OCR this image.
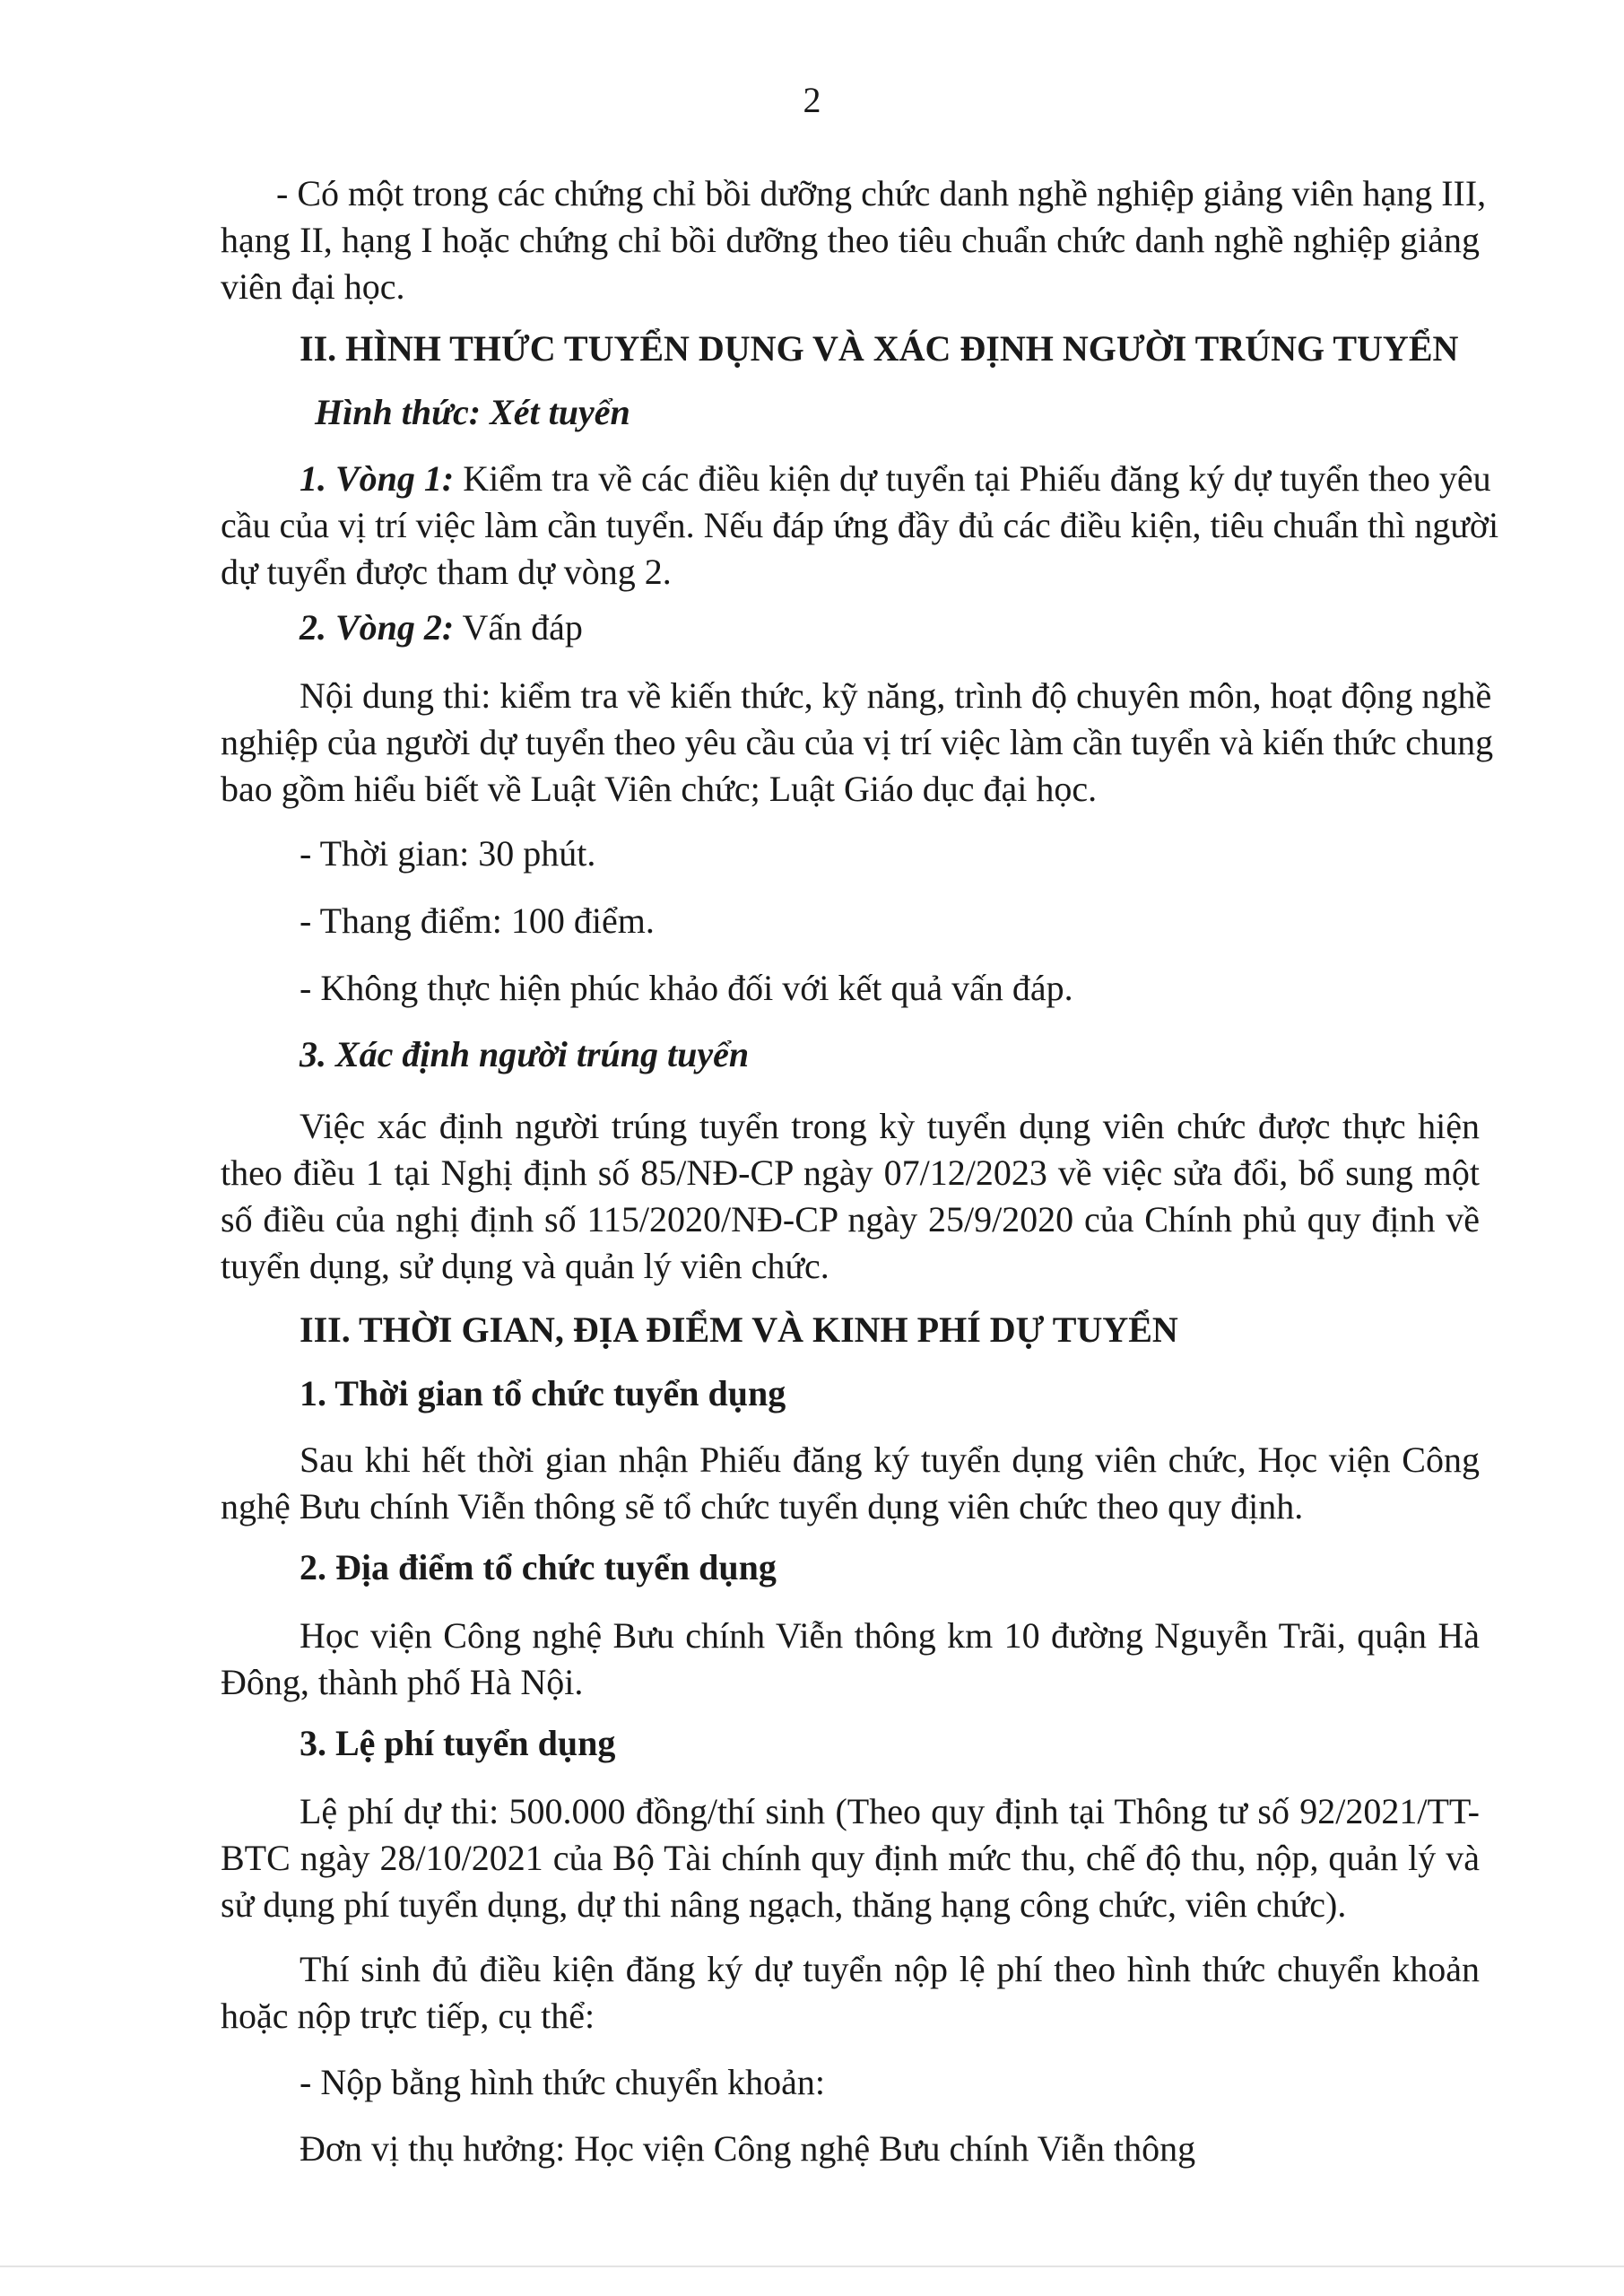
2

- Có một trong các chứng chỉ bồi dưỡng chức danh nghề nghiệp giảng viên hạng III,

hạng II, hạng I hoặc chứng chỉ bồi dưỡng theo tiêu chuẩn chức danh nghề nghiệp giảng

viên đại học.

II. HÌNH THỨC TUYỂN DỤNG VÀ XÁC ĐỊNH NGƯỜI TRÚNG TUYỂN

Hình thức: Xét tuyển

1. Vòng 1: Kiểm tra về các điều kiện dự tuyển tại Phiếu đăng ký dự tuyển theo yêu

cầu của vị trí việc làm cần tuyển. Nếu đáp ứng đầy đủ các điều kiện, tiêu chuẩn thì người

dự tuyển được tham dự vòng 2.

2. Vòng 2: Vấn đáp

Nội dung thi: kiểm tra về kiến thức, kỹ năng, trình độ chuyên môn, hoạt động nghề

nghiệp của người dự tuyển theo yêu cầu của vị trí việc làm cần tuyển và kiến thức chung

bao gồm hiểu biết về Luật Viên chức; Luật Giáo dục đại học.

- Thời gian: 30 phút.

- Thang điểm: 100 điểm.

- Không thực hiện phúc khảo đối với kết quả vấn đáp.

3. Xác định người trúng tuyển

Việc xác định người trúng tuyển trong kỳ tuyển dụng viên chức được thực hiện

theo điều 1 tại Nghị định số 85/NĐ-CP ngày 07/12/2023 về việc sửa đổi, bổ sung một

số điều của nghị định số 115/2020/NĐ-CP ngày 25/9/2020 của Chính phủ quy định về

tuyển dụng, sử dụng và quản lý viên chức.

III. THỜI GIAN, ĐỊA ĐIỂM VÀ KINH PHÍ DỰ TUYỂN

1. Thời gian tổ chức tuyển dụng

Sau khi hết thời gian nhận Phiếu đăng ký tuyển dụng viên chức, Học viện Công

nghệ Bưu chính Viễn thông sẽ tổ chức tuyển dụng viên chức theo quy định.

2. Địa điểm tổ chức tuyển dụng

Học viện Công nghệ Bưu chính Viễn thông km 10 đường Nguyễn Trãi, quận Hà

Đông, thành phố Hà Nội.

3. Lệ phí tuyển dụng

Lệ phí dự thi: 500.000 đồng/thí sinh (Theo quy định tại Thông tư số 92/2021/TT-

BTC ngày 28/10/2021 của Bộ Tài chính quy định mức thu, chế độ thu, nộp, quản lý và

sử dụng phí tuyển dụng, dự thi nâng ngạch, thăng hạng công chức, viên chức).

Thí sinh đủ điều kiện đăng ký dự tuyển nộp lệ phí theo hình thức chuyển khoản

hoặc nộp trực tiếp, cụ thể:

- Nộp bằng hình thức chuyển khoản:

Đơn vị thụ hưởng: Học viện Công nghệ Bưu chính Viễn thông
